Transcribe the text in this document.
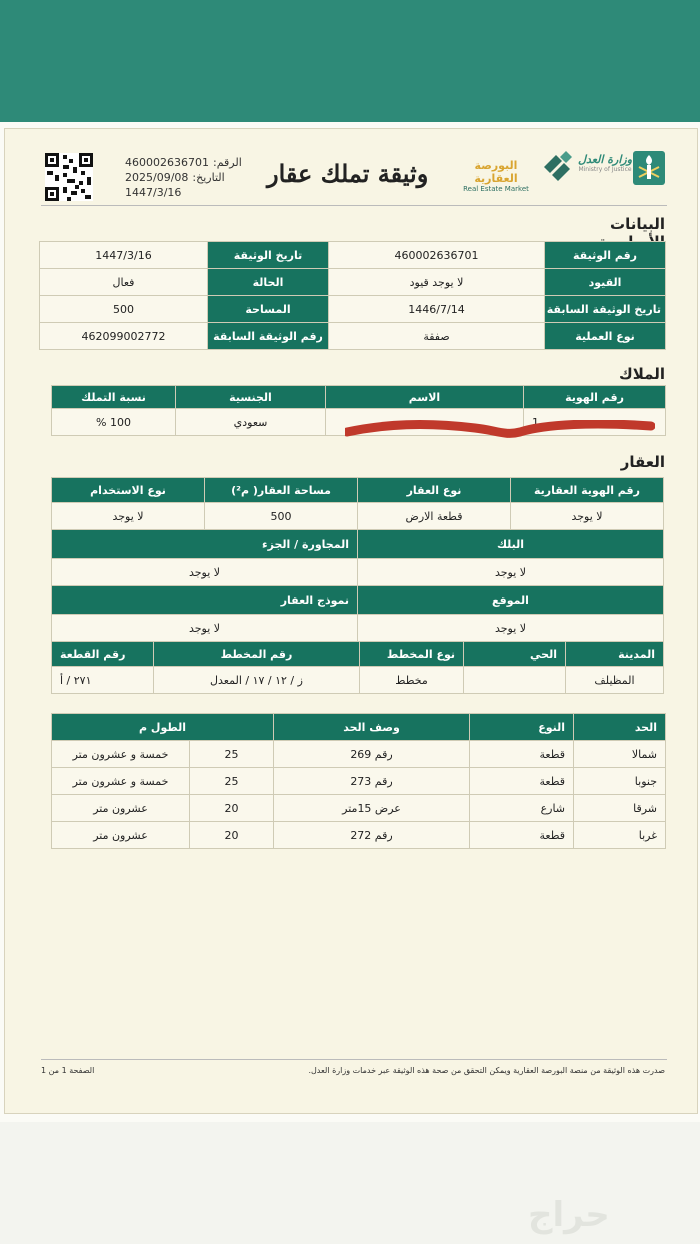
الرقم:
460002636701
التاريخ:
2025/09/08
1447/3/16
وثيقة تملك عقار	البورصة العقارية
Real Estate Market
وزارة العدل
Ministry of Justice
البيانات
رقم الوثيقة	460002636701	تاريخ الوثيقة	1447/3/16
القيود	لا يوجد قيود	الحالة	فعال
تاريخ الوثيقة السابقة	1446/7/14	المساحة	500
نوع العملية	صفقة	رقم الوثيقة السابقة	462099002772
الملاك
رقم الهوية	الاسم	الجنسية	نسبة التملك
1	محمد	سعودي	100 %
العقار
رقم الهوية العقارية	نوع العقار	مساحة العقار( م²)	نوع الاستخدام
لا يوجد	قطعة الارض	500	لا يوجد
البلك		المجاورة / الجزء	
لا يوجد		لا يوجد	
الموقع		نموذج العقار	
لا يوجد		لا يوجد	
المدينة	الحي	نوع المخطط	رقم المخطط	رقم القطعة
المظيلف		مخطط	ز / ١٢ / ١٧ / المعدل	٢٧١ / أ
الحد	النوع	وصف الحد	الطول م	
شمالا	قطعة	رقم 269	25	خمسة و عشرون متر
جنوبا	قطعة	رقم 273	25	خمسة و عشرون متر
شرقا	شارع	عرض 15متر	20	عشرون متر
غربا	قطعة	رقم 272	20	عشرون متر
صدرت هذه الوثيقة من منصة البورصة العقارية ويمكن التحقق من صحة هذه الوثيقة عبر خدمات وزارة العدل.
الصفحة 1 من 1
حراج
